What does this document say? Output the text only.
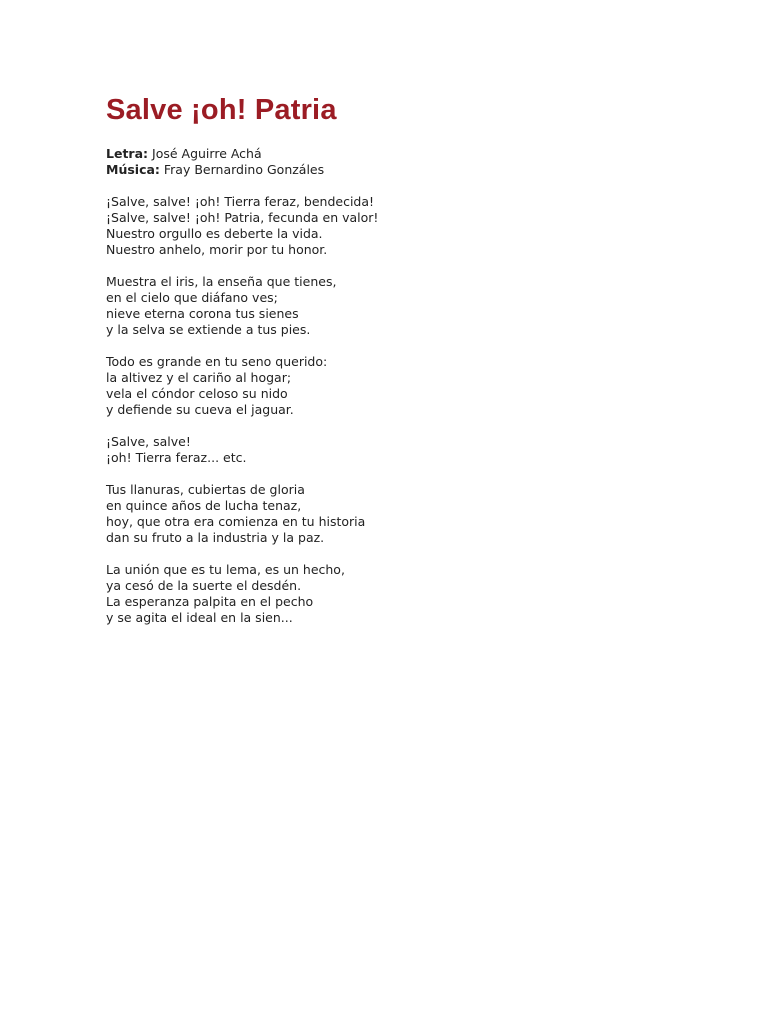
Salve ¡oh! Patria
Letra: José Aguirre Achá
Música: Fray Bernardino Gonzáles
¡Salve, salve! ¡oh! Tierra feraz, bendecida!
¡Salve, salve! ¡oh! Patria, fecunda en valor!
Nuestro orgullo es deberte la vida.
Nuestro anhelo, morir por tu honor.
Muestra el iris, la enseña que tienes,
en el cielo que diáfano ves;
nieve eterna corona tus sienes
y la selva se extiende a tus pies.
Todo es grande en tu seno querido:
la altivez y el cariño al hogar;
vela el cóndor celoso su nido
y defiende su cueva el jaguar.
¡Salve, salve!
¡oh! Tierra feraz... etc.
Tus llanuras, cubiertas de gloria
en quince años de lucha tenaz,
hoy, que otra era comienza en tu historia
dan su fruto a la industria y la paz.
La unión que es tu lema, es un hecho,
ya cesó de la suerte el desdén.
La esperanza palpita en el pecho
y se agita el ideal en la sien...
